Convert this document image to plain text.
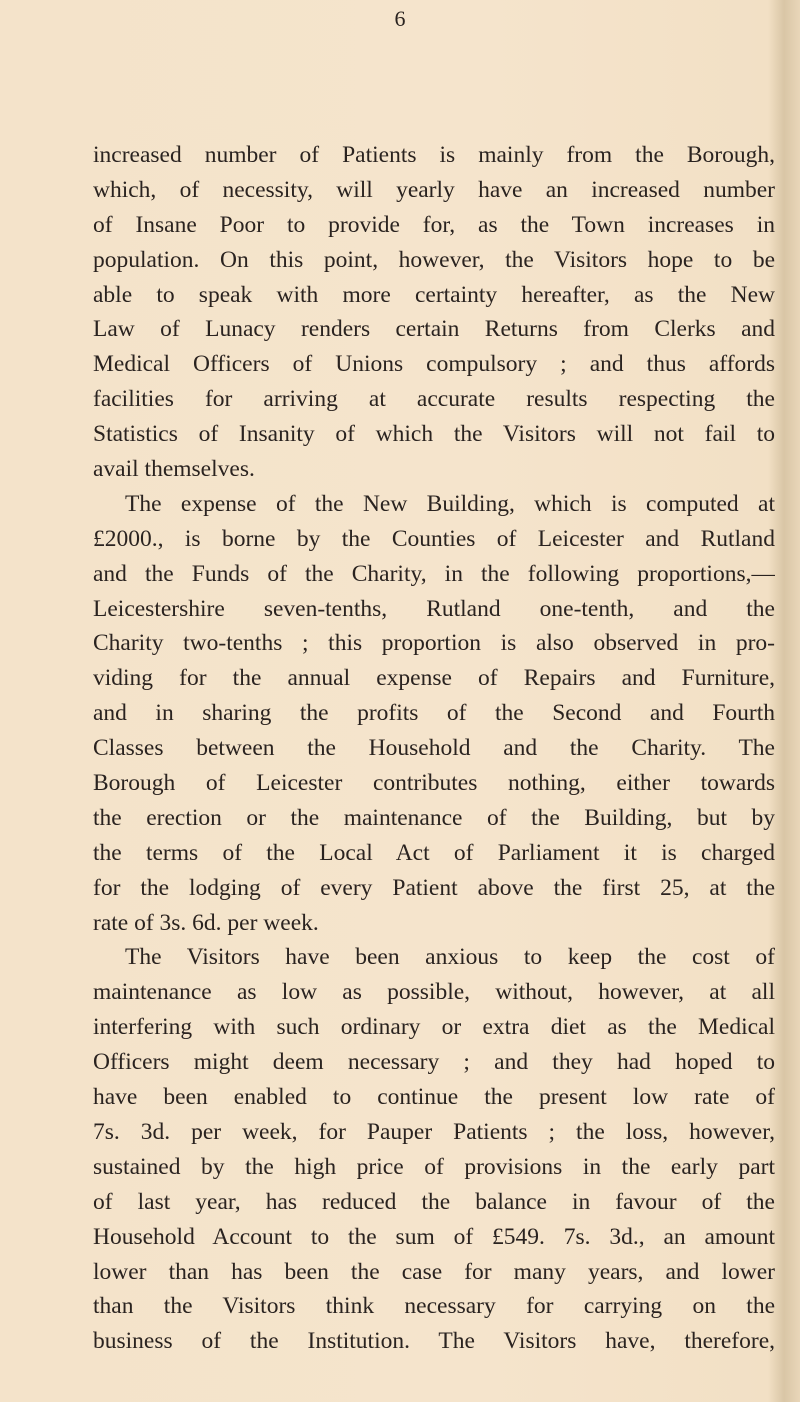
6
increased number of Patients is mainly from the Borough,
which, of necessity, will yearly have an increased number
of Insane Poor to provide for, as the Town increases in
population. On this point, however, the Visitors hope to be
able to speak with more certainty hereafter, as the New
Law of Lunacy renders certain Returns from Clerks and
Medical Officers of Unions compulsory ; and thus affords
facilities for arriving at accurate results respecting the
Statistics of Insanity of which the Visitors will not fail to
avail themselves.
The expense of the New Building, which is computed at
£2000., is borne by the Counties of Leicester and Rutland
and the Funds of the Charity, in the following proportions,—
Leicestershire seven-tenths, Rutland one-tenth, and the
Charity two-tenths ; this proportion is also observed in pro-
viding for the annual expense of Repairs and Furniture,
and in sharing the profits of the Second and Fourth
Classes between the Household and the Charity. The
Borough of Leicester contributes nothing, either towards
the erection or the maintenance of the Building, but by
the terms of the Local Act of Parliament it is charged
for the lodging of every Patient above the first 25, at the
rate of 3s. 6d. per week.
The Visitors have been anxious to keep the cost of
maintenance as low as possible, without, however, at all
interfering with such ordinary or extra diet as the Medical
Officers might deem necessary ; and they had hoped to
have been enabled to continue the present low rate of
7s. 3d. per week, for Pauper Patients ; the loss, however,
sustained by the high price of provisions in the early part
of last year, has reduced the balance in favour of the
Household Account to the sum of £549. 7s. 3d., an amount
lower than has been the case for many years, and lower
than the Visitors think necessary for carrying on the
business of the Institution. The Visitors have, therefore,
